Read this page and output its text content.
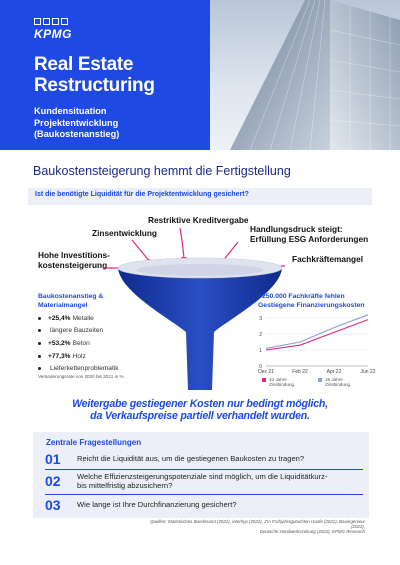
KPMG
Real Estate
Restructuring
Kundensituation
Projektentwicklung
(Baukostenanstieg)
Baukostensteigerung hemmt die Fertigstellung
Ist die benötigte Liquidität für die Projektentwicklung gesichert?
Restriktive Kreditvergabe
Zinsentwicklung	Handlungsdruck steigt:
Erfüllung ESG Anforderungen
Hohe Investitions-
kostensteigerung
Fachkräftemangel
Baukostenanstieg &
Materialmangel
+25,4% Metalle
längere Bauzeiten
+53,2% Beton
+77,3% Holz
Lieferkettenproblematik
Veränderungsrate von 2020 bis 2021 in %
>250.000 Fachkräfte fehlen
Gestiegene Finanzierungskosten
0
1
2
3
Dez 21	Feb 22	Apr 22	Jun 22
10 Jahre
Zinsbindung
15 Jahre
Zinsbindung
Weitergabe gestiegener Kosten nur bedingt möglich,
da Verkaufspreise partiell verhandelt wurden.
Zentrale Fragestellungen
01	Reicht die Liquidität aus, um die gestiegenen Baukosten zu tragen?
02	Welche Effizienzsteigerungspotenziale sind möglich, um die Liquiditätkurz-
bis mittelfristig abzusichern?
03	Wie lange ist Ihre Durchfinanzierung gesichert?
Quellen: Statistisches Bundesamt (2022), interhyp (2022), ZIA Frühjahrsgutachten Haufe (2022), Bauingenieur (2022),
Deutsche Handwerkszeitung (2022), KPMG Research
